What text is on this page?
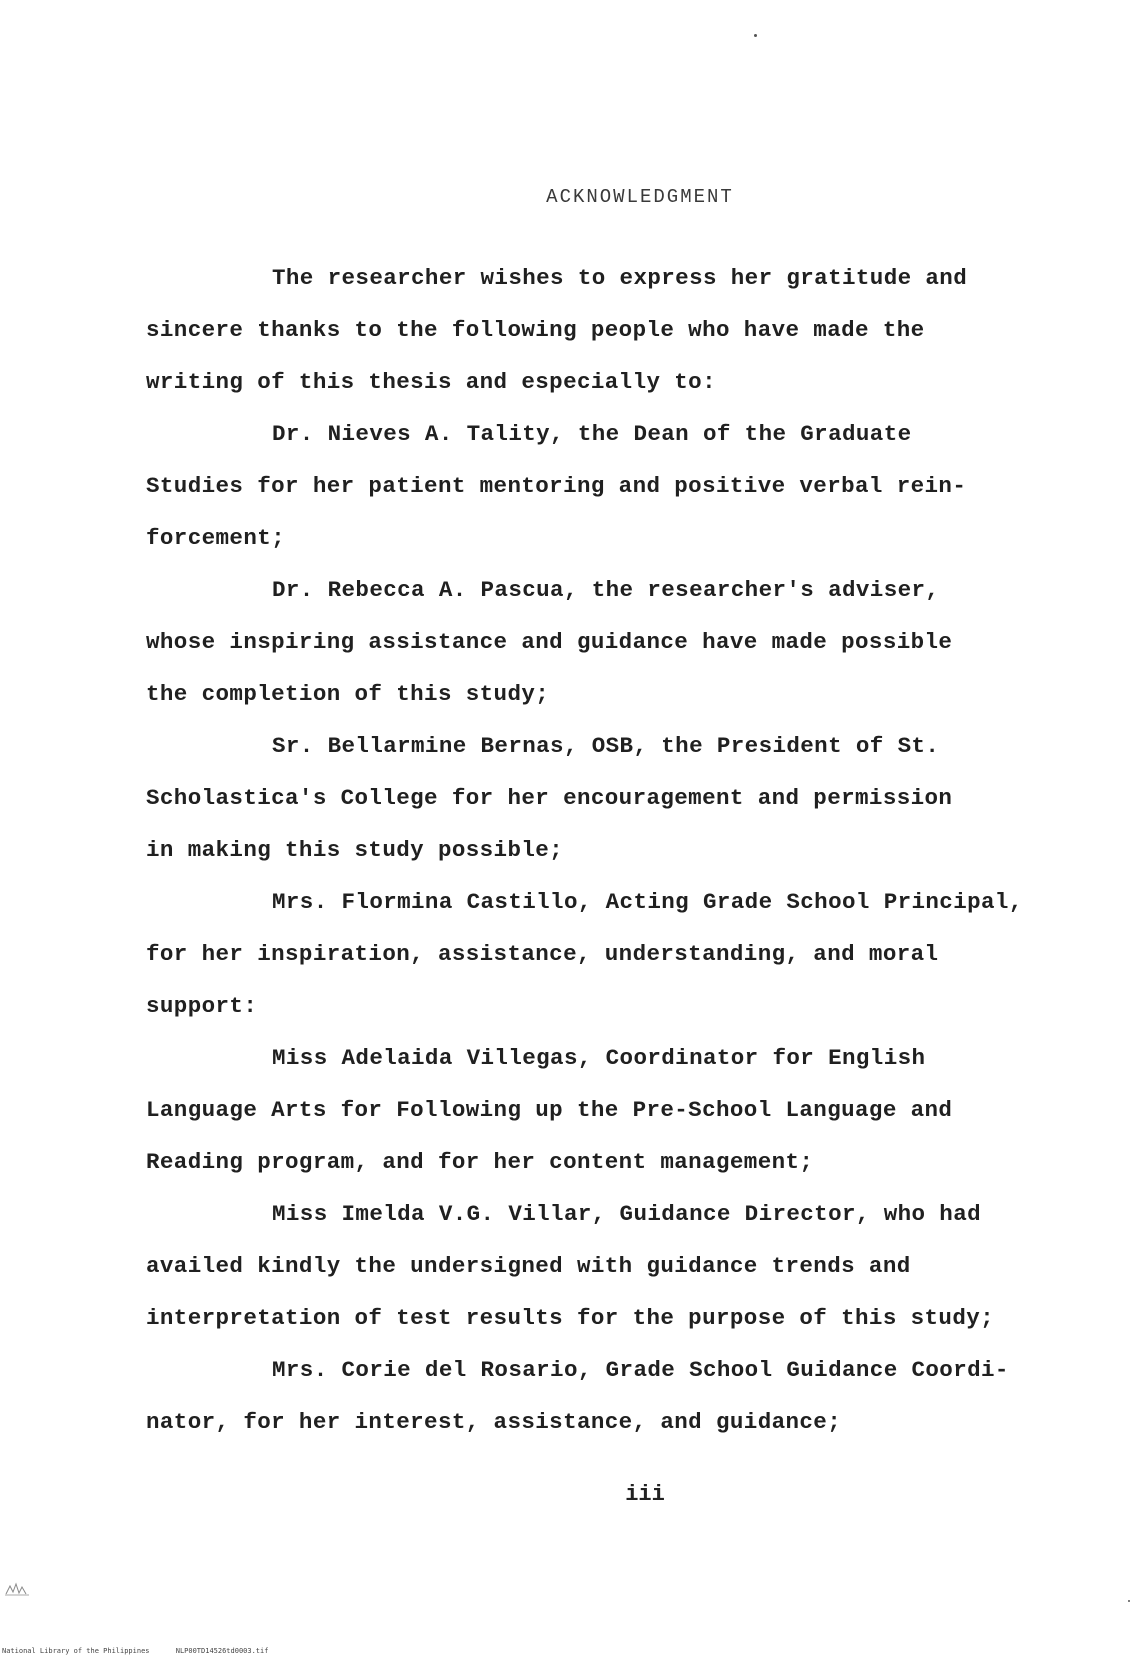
ACKNOWLEDGMENT
The researcher wishes to express her gratitude and
sincere thanks to the following people who have made the
writing of this thesis and especially to:
Dr. Nieves A. Tality, the Dean of the Graduate
Studies for her patient mentoring and positive verbal rein-
forcement;
Dr. Rebecca A. Pascua, the researcher's adviser,
whose inspiring assistance and guidance have made possible
the completion of this study;
Sr. Bellarmine Bernas, OSB, the President of St.
Scholastica's College for her encouragement and permission
in making this study possible;
Mrs. Flormina Castillo, Acting Grade School Principal,
for her inspiration, assistance, understanding, and moral
support:
Miss Adelaida Villegas, Coordinator for English
Language Arts for Following up the Pre-School Language and
Reading program, and for her content management;
Miss Imelda V.G. Villar, Guidance Director, who had
availed kindly the undersigned with guidance trends and
interpretation of test results for the purpose of this study;
Mrs. Corie del Rosario, Grade School Guidance Coordi-
nator, for her interest, assistance, and guidance;
iii
National Library of the Philippines	NLP00TD14526td0003.tif
